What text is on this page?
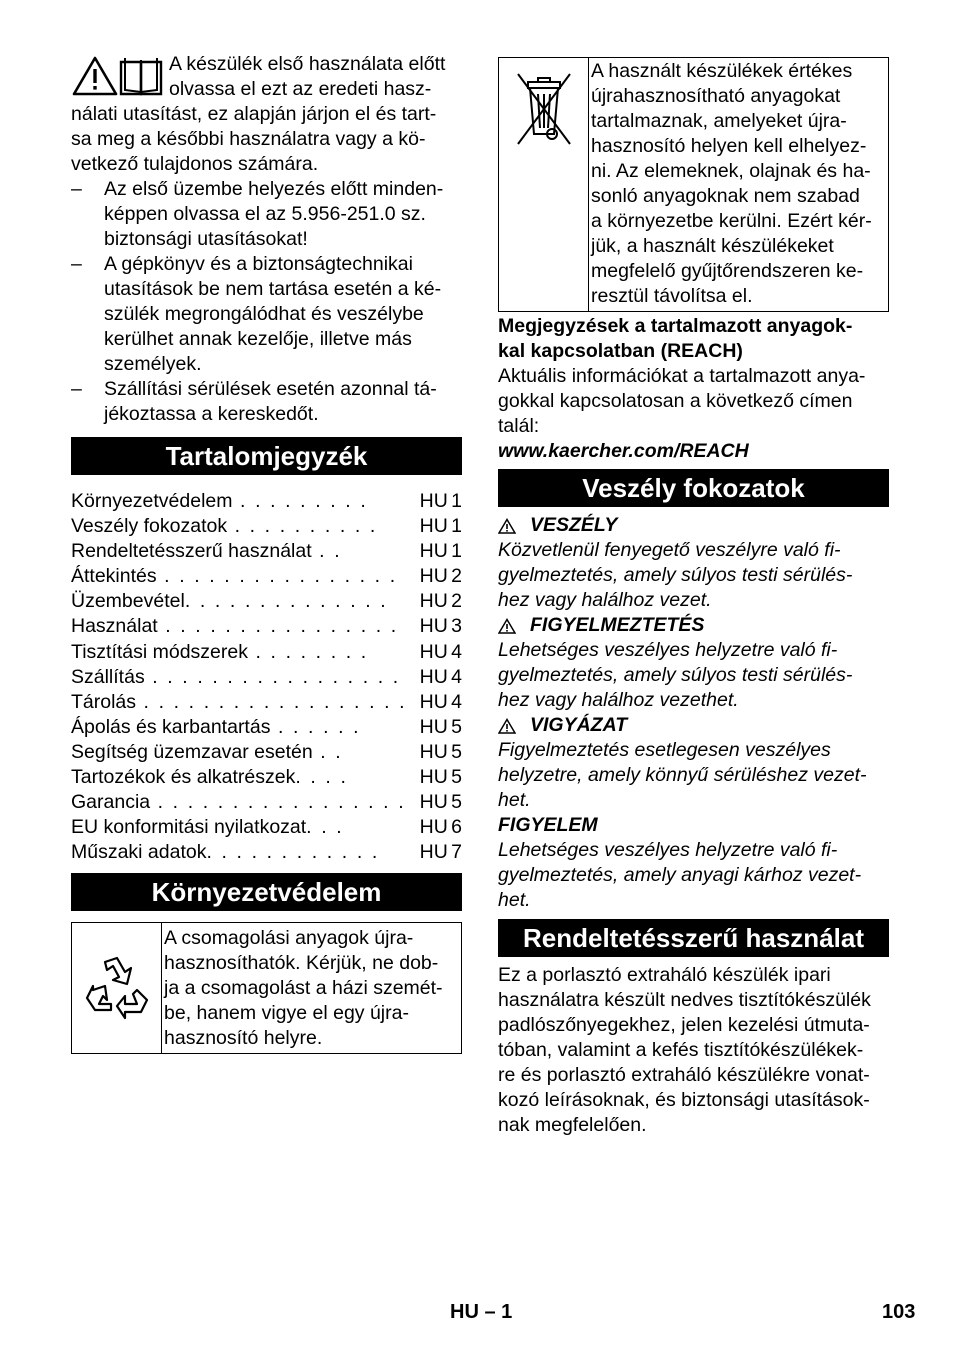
A készülék első használata előtt

olvassa el ezt az eredeti hasz-

nálati utasítást, ez alapján járjon el és tart-

sa meg a későbbi használatra vagy a kö-

vetkező tulajdonos számára.

– Az első üzembe helyezés előtt minden-

képpen olvassa el az 5.956-251.0 sz.

biztonsági utasításokat!

– A gépkönyv és a biztonságtechnikai

utasítások be nem tartása esetén a ké-

szülék megrongálódhat és veszélybe

kerülhet annak kezelője, illetve más

személyek.

– Szállítási sérülések esetén azonnal tá-

jékoztassa a kereskedőt.

Tartalomjegyzék
Környezetvédelem . . . . . . . . .	HU	1
Veszély fokozatok . . . . . . . . . .	HU	1
Rendeltetésszerű használat . .	HU	1
Áttekintés . . . . . . . . . . . . . . . .	HU	2
Üzembevétel. . . . . . . . . . . . . .	HU	2
Használat . . . . . . . . . . . . . . . .	HU	3
Tisztítási módszerek . . . . . . . .	HU	4
Szállítás . . . . . . . . . . . . . . . . .	HU	4
Tárolás . . . . . . . . . . . . . . . . . .	HU	4
Ápolás és karbantartás . . . . . .	HU	5
Segítség üzemzavar esetén . .	HU	5
Tartozékok és alkatrészek. . . .	HU	5
Garancia . . . . . . . . . . . . . . . . .	HU	5
EU konformitási nyilatkozat. . .	HU	6
Műszaki adatok. . . . . . . . . . . .	HU	7
Környezetvédelem

A csomagolási anyagok újra-

hasznosíthatók. Kérjük, ne dob-

ja a csomagolást a házi szemét-

be, hanem vigye el egy újra-

hasznosító helyre.

A használt készülékek értékes

újrahasznosítható anyagokat

tartalmaznak, amelyeket újra-

hasznosító helyen kell elhelyez-

ni. Az elemeknek, olajnak és ha-

sonló anyagoknak nem szabad

a környezetbe kerülni. Ezért kér-

jük, a használt készülékeket

megfelelő gyűjtőrendszeren ke-

resztül távolítsa el.

Megjegyzések a tartalmazott anyagok-

kal kapcsolatban (REACH)

Aktuális információkat a tartalmazott anya-

gokkal kapcsolatosan a következő címen

talál:

www.kaercher.com/REACH

Veszély fokozatok

VESZÉLY

Közvetlenül fenyegető veszélyre való fi-

gyelmeztetés, amely súlyos testi sérülés-

hez vagy halálhoz vezet.

FIGYELMEZTETÉS

Lehetséges veszélyes helyzetre való fi-

gyelmeztetés, amely súlyos testi sérülés-

hez vagy halálhoz vezethet.

VIGYÁZAT

Figyelmeztetés esetlegesen veszélyes

helyzetre, amely könnyű sérüléshez vezet-

het.

FIGYELEM

Lehetséges veszélyes helyzetre való fi-

gyelmeztetés, amely anyagi kárhoz vezet-

het.

Rendeltetésszerű használat

Ez a porlasztó extraháló készülék ipari

használatra készült nedves tisztítókészülék

padlószőnyegekhez, jelen kezelési útmuta-

tóban, valamint a kefés tisztítókészülékek-

re és porlasztó extraháló készülékre vonat-

kozó leírásoknak, és biztonsági utasítások-

nak megfelelően.

HU – 1	103
